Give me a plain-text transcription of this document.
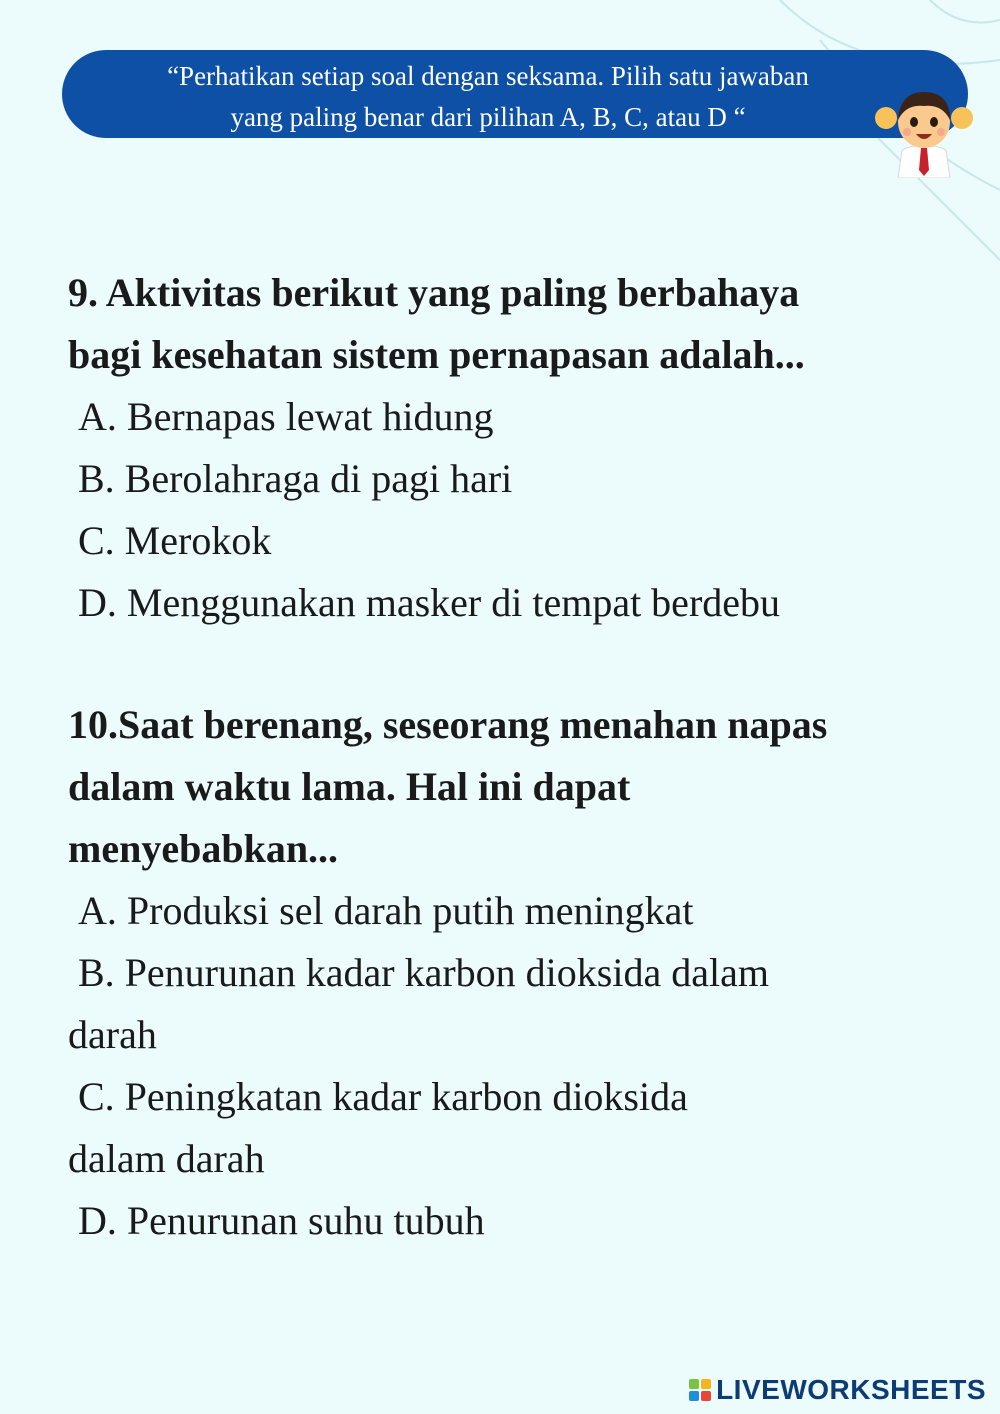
“Perhatikan setiap soal dengan seksama. Pilih satu jawaban
yang paling benar dari pilihan A, B, C, atau D “
9. Aktivitas berikut yang paling berbahaya
bagi kesehatan sistem pernapasan adalah...
A. Bernapas lewat hidung
B. Berolahraga di pagi hari
C. Merokok
D. Menggunakan masker di tempat berdebu
10.Saat berenang, seseorang menahan napas
dalam waktu lama. Hal ini dapat
menyebabkan...
A. Produksi sel darah putih meningkat
B. Penurunan kadar karbon dioksida dalam
darah
C. Peningkatan kadar karbon dioksida
dalam darah
D. Penurunan suhu tubuh
LIVEWORKSHEETS
